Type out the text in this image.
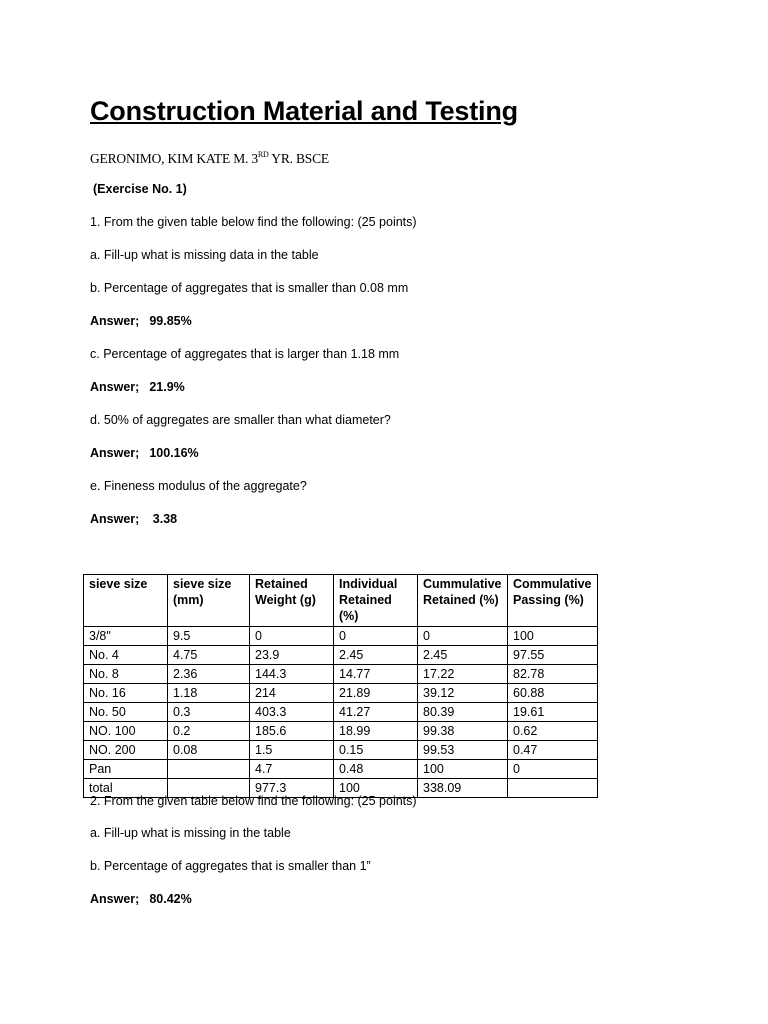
Construction Material and Testing
GERONIMO, KIM KATE M. 3RD YR. BSCE
(Exercise No. 1)
1. From the given table below find the following: (25 points)
a. Fill-up what is missing data in the table
b. Percentage of aggregates that is smaller than 0.08 mm
Answer; 99.85%
c. Percentage of aggregates that is larger than 1.18 mm
Answer; 21.9%
d. 50% of aggregates are smaller than what diameter?
Answer; 100.16%
e. Fineness modulus of the aggregate?
Answer; 3.38
sieve size	sieve size (mm)	Retained Weight (g)	Individual Retained (%)	Cummulative Retained (%)	Commulative Passing (%)
3/8"	9.5	0	0	0	100
No. 4	4.75	23.9	2.45	2.45	97.55
No. 8	2.36	144.3	14.77	17.22	82.78
No. 16	1.18	214	21.89	39.12	60.88
No. 50	0.3	403.3	41.27	80.39	19.61
NO. 100	0.2	185.6	18.99	99.38	0.62
NO. 200	0.08	1.5	0.15	99.53	0.47
Pan		4.7	0.48	100	0
total		977.3	100	338.09	
2. From the given table below find the following: (25 points)
a. Fill-up what is missing in the table
b. Percentage of aggregates that is smaller than 1”
Answer; 80.42%
